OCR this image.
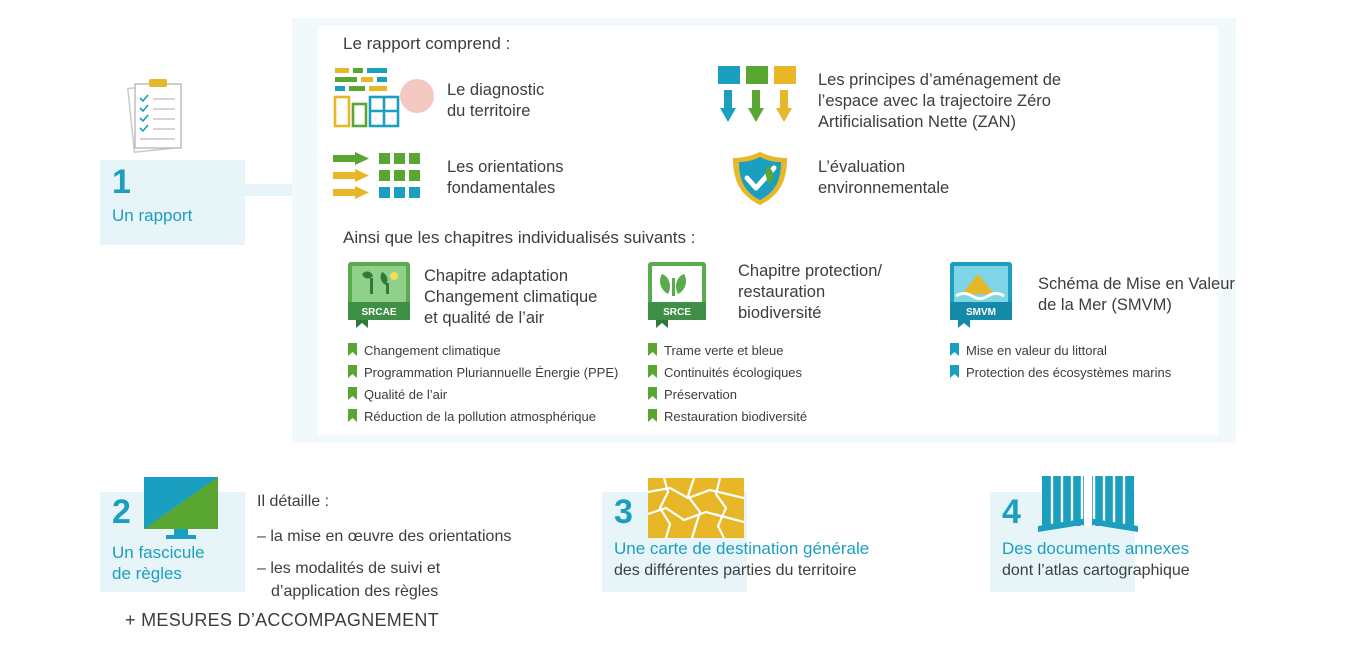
1
Un rapport
Le rapport comprend :
Le diagnostic
du territoire
Les principes d’aménagement de
l’espace avec la trajectoire Zéro
Artificialisation Nette (ZAN)
Les orientations
fondamentales
L’évaluation
environnementale
Ainsi que les chapitres individualisés suivants :
SRCAE
Chapitre adaptation
Changement climatique
et qualité de l’air
Changement climatique
Programmation Pluriannuelle Énergie (PPE)
Qualité de l’air
Réduction de la pollution atmosphérique
SRCE
Chapitre protection/
restauration
biodiversité
Trame verte et bleue
Continuités écologiques
Préservation
Restauration biodiversité
SMVM
Schéma de Mise en Valeur
de la Mer (SMVM)
Mise en valeur du littoral
Protection des écosystèmes marins
2
Un fascicule
de règles
Il détaille :
– la mise en œuvre des orientations
– les modalités de suivi et
d’application des règles
3
Une carte de destination générale
des différentes parties du territoire
4
Des documents annexes
dont l’atlas cartographique
+ MESURES D’ACCOMPAGNEMENT
